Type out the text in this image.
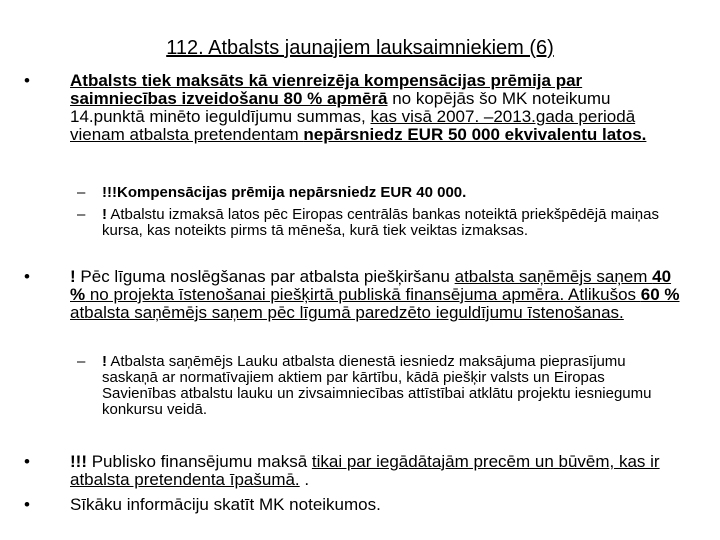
112. Atbalsts jaunajiem lauksaimniekiem (6)
• Atbalsts tiek maksāts kā vienreizēja kompensācijas prēmija par saimniecības izveidošanu 80 % apmērā no kopējās šo MK noteikumu 14.punktā minēto ieguldījumu summas, kas visā 2007. –2013.gada periodā vienam atbalsta pretendentam nepārsniedz EUR 50 000 ekvivalentu latos.
– !!!Kompensācijas prēmija nepārsniedz EUR 40 000.
– ! Atbalstu izmaksā latos pēc Eiropas centrālās bankas noteiktā priekšpēdējā maiņas kursa, kas noteikts pirms tā mēneša, kurā tiek veiktas izmaksas.
• ! Pēc līguma noslēgšanas par atbalsta piešķiršanu atbalsta saņēmējs saņem 40 % no projekta īstenošanai piešķirtā publiskā finansējuma apmēra. Atlikušos 60 % atbalsta saņēmējs saņem pēc līgumā paredzēto ieguldījumu īstenošanas.
– ! Atbalsta saņēmējs Lauku atbalsta dienestā iesniedz maksājuma pieprasījumu saskaņā ar normatīvajiem aktiem par kārtību, kādā piešķir valsts un Eiropas Savienības atbalstu lauku un zivsaimniecības attīstībai atklātu projektu iesniegumu konkursu veidā.
• !!! Publisko finansējumu maksā tikai par iegādātajām precēm un būvēm, kas ir atbalsta pretendenta īpašumā. .
• Sīkāku informāciju skatīt MK noteikumos.
